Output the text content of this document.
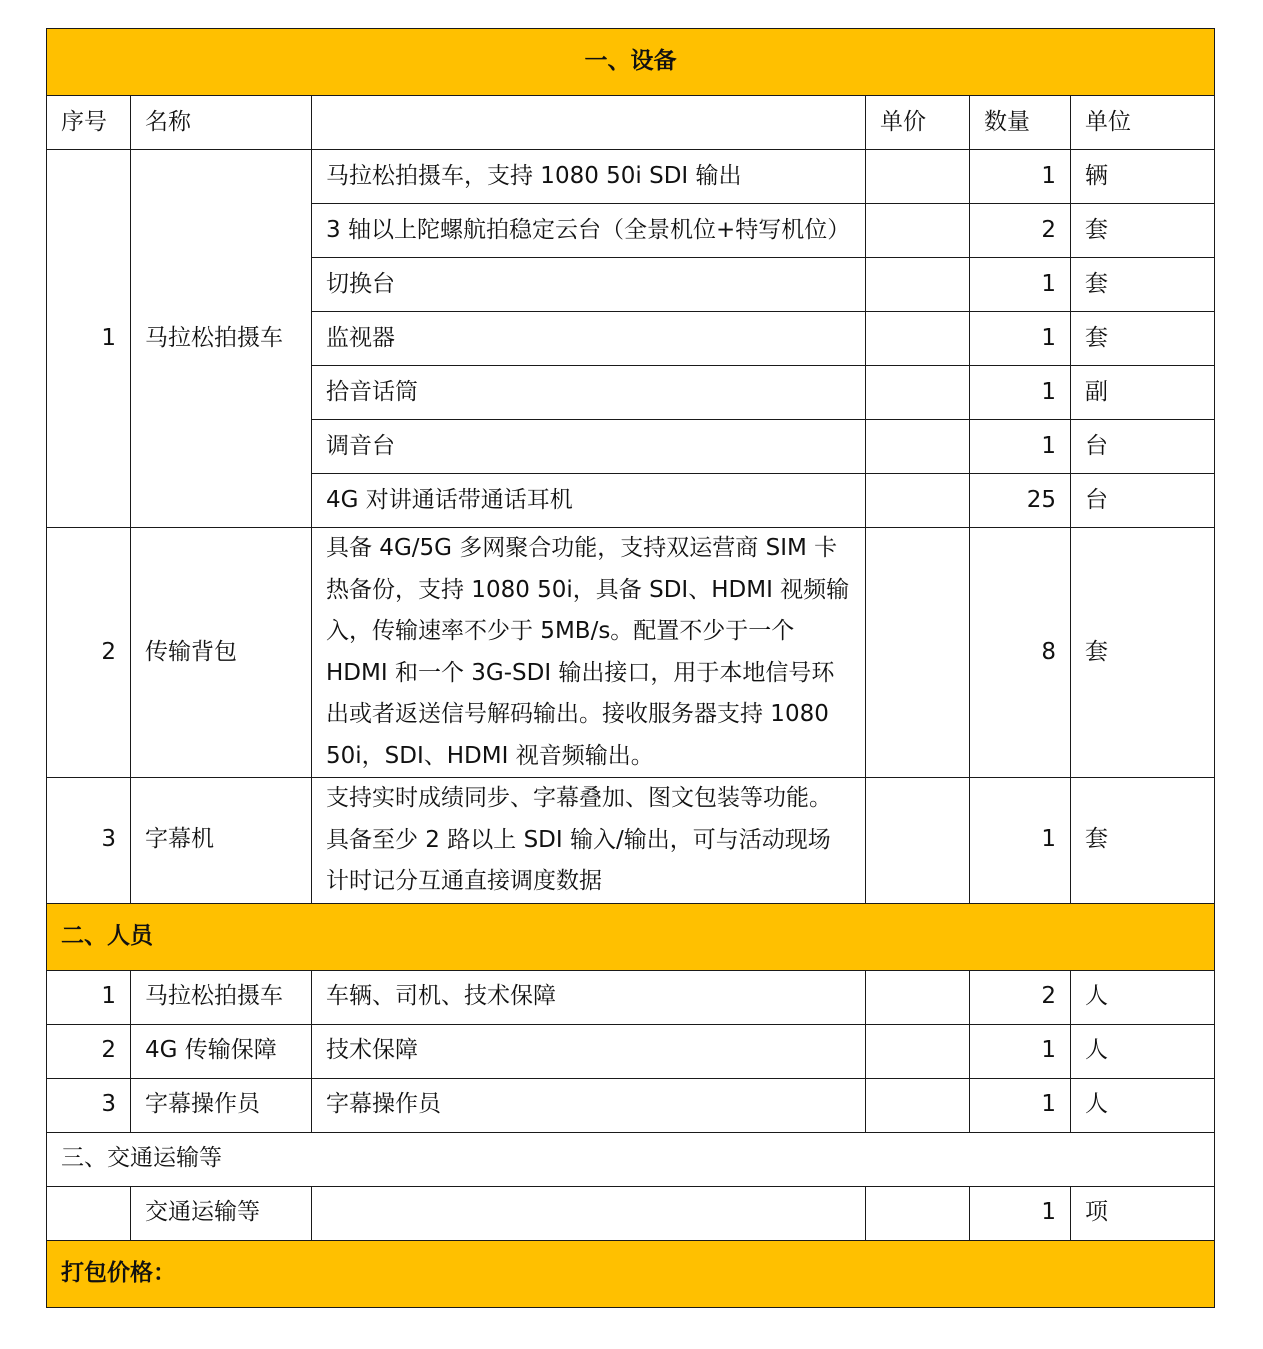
一、设备					
序号	名称		单价	数量	单位
1	马拉松拍摄车	马拉松拍摄车，支持 1080 50i SDI 输出		1	辆
		3 轴以上陀螺航拍稳定云台（全景机位+特写机位）		2	套
		切换台		1	套
		监视器		1	套
		拾音话筒		1	副
		调音台		1	台
		4G 对讲通话带通话耳机		25	台
2	传输背包	具备 4G/5G 多网聚合功能，支持双运营商 SIM 卡热备份，支持 1080 50i，具备 SDI、HDMI 视频输入，传输速率不少于 5MB/s。配置不少于一个HDMI 和一个 3G-SDI 输出接口，用于本地信号环出或者返送信号解码输出。接收服务器支持 1080 50i，SDI、HDMI 视音频输出。		8	套
3	字幕机	支持实时成绩同步、字幕叠加、图文包装等功能。具备至少 2 路以上 SDI 输入/输出，可与活动现场计时记分互通直接调度数据		1	套
二、人员					
1	马拉松拍摄车	车辆、司机、技术保障		2	人
2	4G 传输保障	技术保障		1	人
3	字幕操作员	字幕操作员		1	人
三、交通运输等					
	交通运输等			1	项
打包价格：					
